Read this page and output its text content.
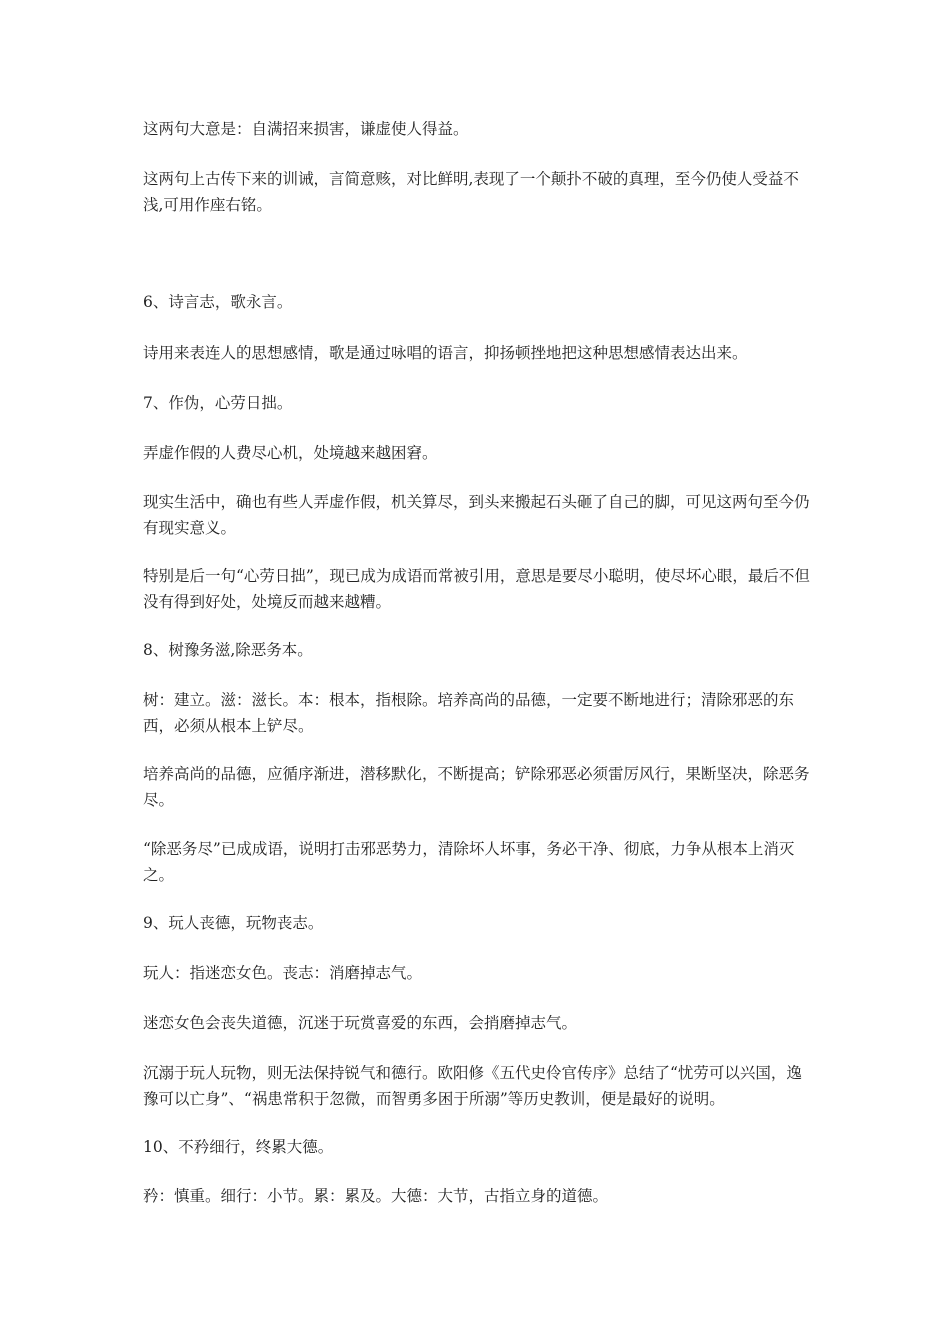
这两句大意是：自满招来损害，谦虚使人得益。

这两句上古传下来的训诫，言简意赅，对比鲜明,表现了一个颠扑不破的真理，至今仍使人受益不浅,可用作座右铭。

6、诗言志，歌永言。

诗用来表连人的思想感情，歌是通过咏唱的语言，抑扬顿挫地把这种思想感情表达出来。

7、作伪，心劳日拙。

弄虚作假的人费尽心机，处境越来越困窘。

现实生活中，确也有些人弄虚作假，机关算尽，到头来搬起石头砸了自己的脚，可见这两句至今仍有现实意义。

特别是后一句“心劳日拙”，现已成为成语而常被引用，意思是要尽小聪明，使尽坏心眼，最后不但没有得到好处，处境反而越来越糟。

8、树豫务滋,除恶务本。

树：建立。滋：滋长。本：根本，指根除。培养高尚的品德，一定要不断地进行；清除邪恶的东西，必须从根本上铲尽。

培养高尚的品德，应循序渐进，潜移默化，不断提高；铲除邪恶必须雷厉风行，果断坚决，除恶务尽。

“除恶务尽”已成成语，说明打击邪恶势力，清除坏人坏事，务必干净、彻底，力争从根本上消灭之。

9、玩人丧德，玩物丧志。

玩人：指迷恋女色。丧志：消磨掉志气。

迷恋女色会丧失道德，沉迷于玩赏喜爱的东西，会捎磨掉志气。

沉溺于玩人玩物，则无法保持锐气和德行。欧阳修《五代史伶官传序》总结了“忧劳可以兴国，逸豫可以亡身”、“祸患常积于忽微，而智勇多困于所溺”等历史教训，便是最好的说明。

10、不矜细行，终累大德。

矜：慎重。细行：小节。累：累及。大德：大节，古指立身的道德。
